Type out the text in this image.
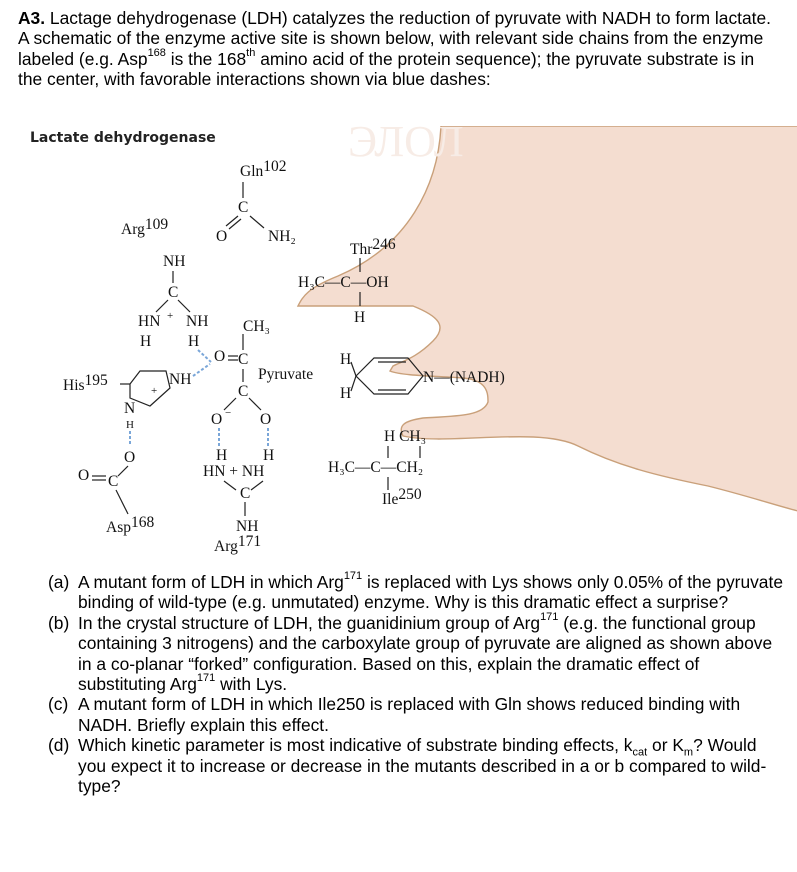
A3. Lactage dehydrogenase (LDH) catalyzes the reduction of pyruvate with NADH to form lactate. A schematic of the enzyme active site is shown below, with relevant side chains from the enzyme labeled (e.g. Asp$^{168}$ is the 168th amino acid of the protein sequence); the pyruvate substrate is in the center, with favorable interactions shown via blue dashes:
ЭЛОЛ
Gln102
C
O	NH₂
Arg109
NH
C
HN + NH
H H
His195	NH
+
N
H
O
O C
Asp168
O C
CH₃
Pyruvate
C
O − O
Thr246
H₃C—C—OH
H
H
H
N—(NADH)
H CH₃
H₃C—C—CH₂
Ile250
H H
HN + NH
C
NH
Arg171
Lactate dehydrogenase
(a) A mutant form of LDH in which Arg$^{171}$ is replaced with Lys shows only 0.05% of the pyruvate binding of wild-type (e.g. unmutated) enzyme. Why is this dramatic effect a surprise?
(b) In the crystal structure of LDH, the guanidinium group of Arg$^{171}$ (e.g. the functional group containing 3 nitrogens) and the carboxylate group of pyruvate are aligned as shown above in a co-planar “forked” configuration. Based on this, explain the dramatic effect of substituting Arg$^{171}$ with Lys.
(c) A mutant form of LDH in which Ile250 is replaced with Gln shows reduced binding with NADH. Briefly explain this effect.
(d) Which kinetic parameter is most indicative of substrate binding effects, $k_{cat}$ or $K_m$? Would you expect it to increase or decrease in the mutants described in a or b compared to wild-type?
